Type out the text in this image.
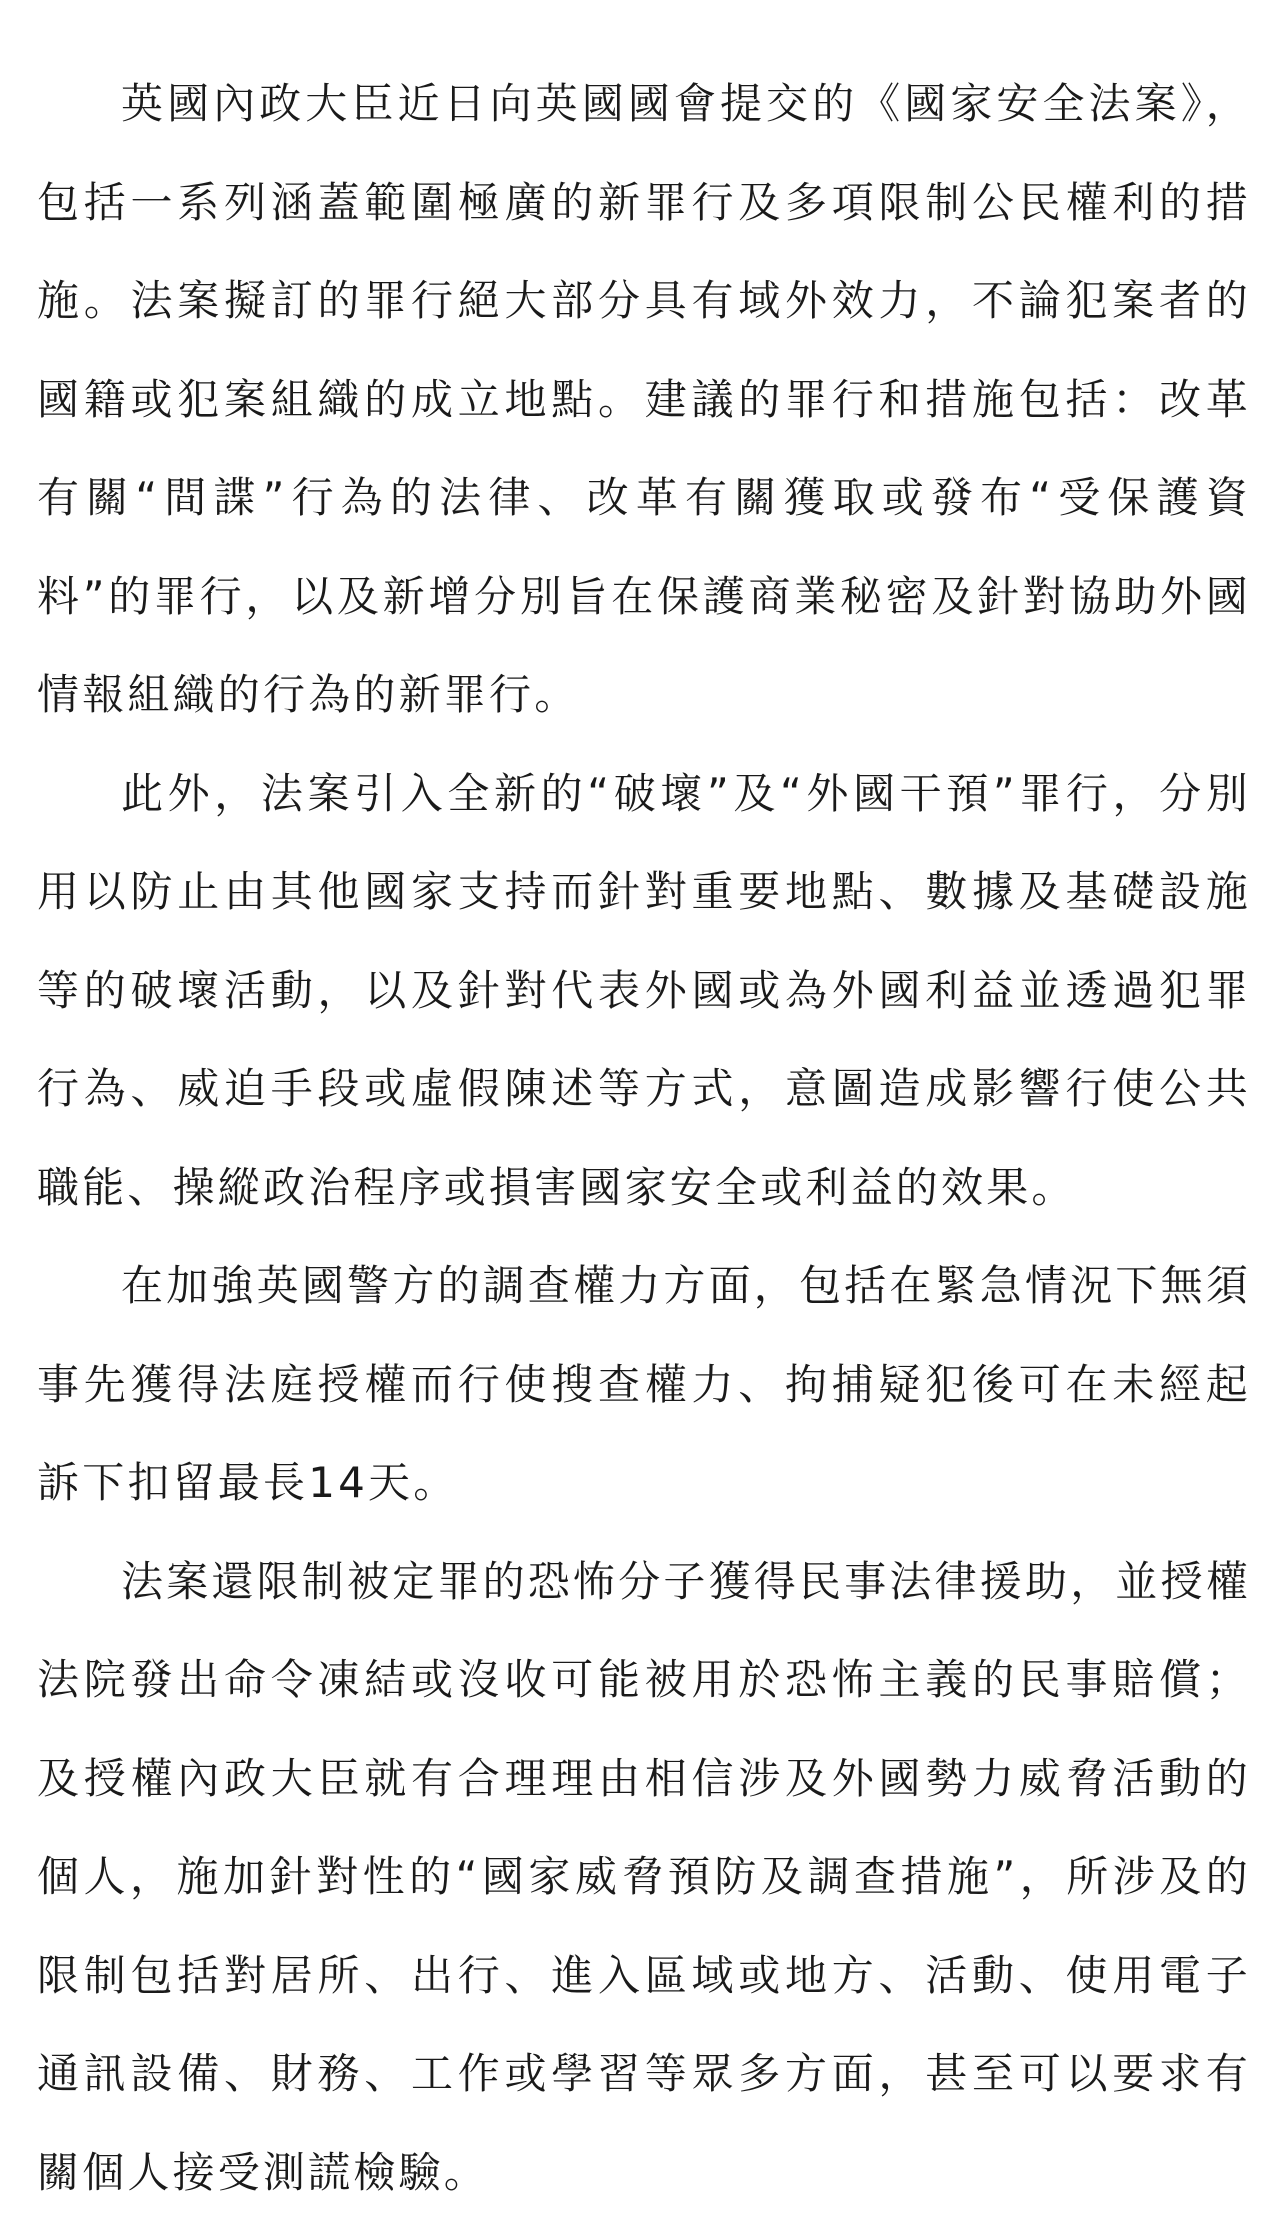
英國內政大臣近日向英國國會提交的《國家安全法案》，包括一系列涵蓋範圍極廣的新罪行及多項限制公民權利的措施。法案擬訂的罪行絕大部分具有域外效力，不論犯案者的國籍或犯案組織的成立地點。建議的罪行和措施包括：改革有關“間諜”行為的法律、改革有關獲取或發布“受保護資料”的罪行，以及新增分別旨在保護商業秘密及針對協助外國情報組織的行為的新罪行。

此外，法案引入全新的“破壞”及“外國干預”罪行，分別用以防止由其他國家支持而針對重要地點、數據及基礎設施等的破壞活動，以及針對代表外國或為外國利益並透過犯罪行為、威迫手段或虛假陳述等方式，意圖造成影響行使公共職能、操縱政治程序或損害國家安全或利益的效果。

在加強英國警方的調查權力方面，包括在緊急情況下無須事先獲得法庭授權而行使搜查權力、拘捕疑犯後可在未經起訴下扣留最長14天。

法案還限制被定罪的恐怖分子獲得民事法律援助，並授權法院發出命令凍結或沒收可能被用於恐怖主義的民事賠償；及授權內政大臣就有合理理由相信涉及外國勢力威脅活動的個人，施加針對性的“國家威脅預防及調查措施”，所涉及的限制包括對居所、出行、進入區域或地方、活動、使用電子通訊設備、財務、工作或學習等眾多方面，甚至可以要求有關個人接受測謊檢驗。
